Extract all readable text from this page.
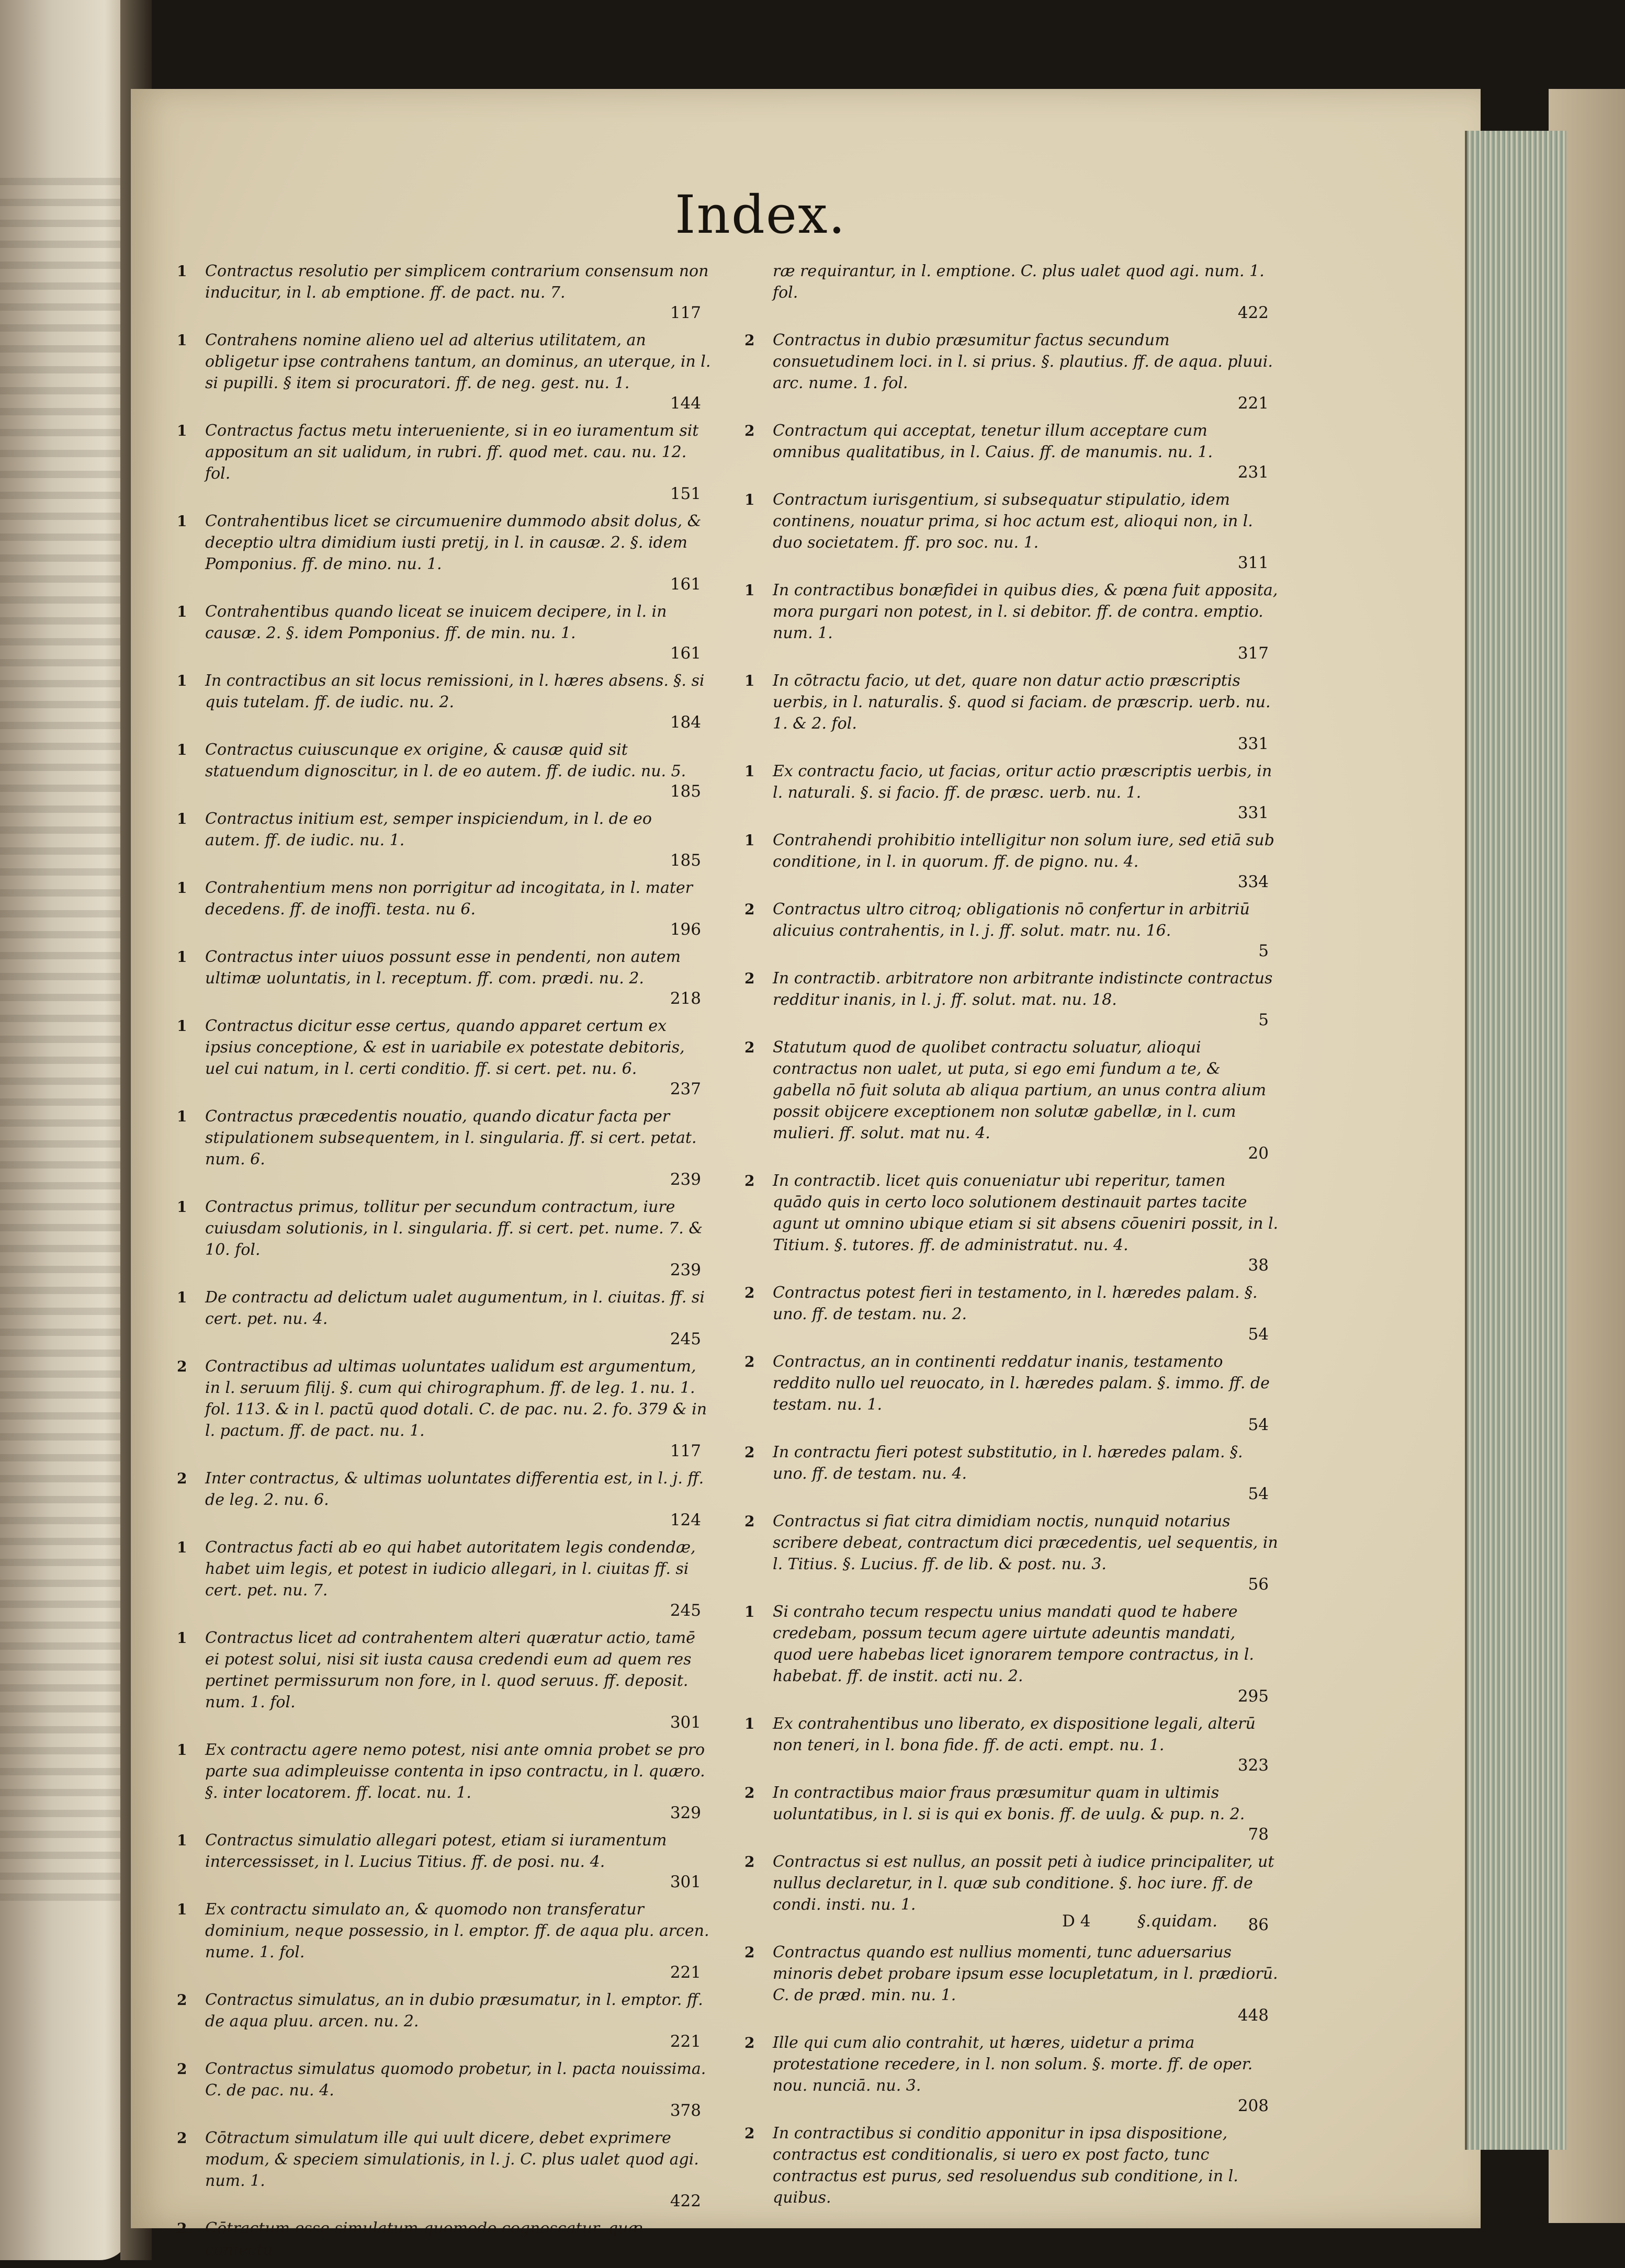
Index.
1	Contractus resolutio per simplicem contrarium consensum non inducitur, in l. ab emptione. ff. de pact. nu. 7.
117
1	Contrahens nomine alieno uel ad alterius utilitatem, an obligetur ipse contrahens tantum, an dominus, an uterque, in l. si pupilli. § item si procuratori. ff. de neg. gest. nu. 1.
144
1	Contractus factus metu interueniente, si in eo iuramentum sit appositum an sit ualidum, in rubri. ff. quod met. cau. nu. 12. fol.
151
1	Contrahentibus licet se circumuenire dummodo absit dolus, & deceptio ultra dimidium iusti pretij, in l. in causæ. 2. §. idem Pomponius. ff. de mino. nu. 1.
161
1	Contrahentibus quando liceat se inuicem decipere, in l. in causæ. 2. §. idem Pomponius. ff. de min. nu. 1.
161
1	In contractibus an sit locus remissioni, in l. hæres absens. §. si quis tutelam. ff. de iudic. nu. 2.
184
1	Contractus cuiuscunque ex origine, & causæ quid sit statuendum dignoscitur, in l. de eo autem. ff. de iudic. nu. 5.
185
1	Contractus initium est, semper inspiciendum, in l. de eo autem. ff. de iudic. nu. 1.
185
1	Contrahentium mens non porrigitur ad incogitata, in l. mater decedens. ff. de inoffi. testa. nu 6.
196
1	Contractus inter uiuos possunt esse in pendenti, non autem ultimæ uoluntatis, in l. receptum. ff. com. prædi. nu. 2.
218
1	Contractus dicitur esse certus, quando apparet certum ex ipsius conceptione, & est in uariabile ex potestate debitoris, uel cui natum, in l. certi conditio. ff. si cert. pet. nu. 6.
237
1	Contractus præcedentis nouatio, quando dicatur facta per stipulationem subsequentem, in l. singularia. ff. si cert. petat. num. 6.
239
1	Contractus primus, tollitur per secundum contractum, iure cuiusdam solutionis, in l. singularia. ff. si cert. pet. nume. 7. & 10. fol.
239
1	De contractu ad delictum ualet augumentum, in l. ciuitas. ff. si cert. pet. nu. 4.
245
2	Contractibus ad ultimas uoluntates ualidum est argumentum, in l. seruum filij. §. cum qui chirographum. ff. de leg. 1. nu. 1. fol. 113. & in l. pactū quod dotali. C. de pac. nu. 2. fo. 379 & in l. pactum. ff. de pact. nu. 1.
117
2	Inter contractus, & ultimas uoluntates differentia est, in l. j. ff. de leg. 2. nu. 6.
124
1	Contractus facti ab eo qui habet autoritatem legis condendæ, habet uim legis, et potest in iudicio allegari, in l. ciuitas ff. si cert. pet. nu. 7.
245
1	Contractus licet ad contrahentem alteri quæratur actio, tamē ei potest solui, nisi sit iusta causa credendi eum ad quem res pertinet permissurum non fore, in l. quod seruus. ff. deposit. num. 1. fol.
301
1	Ex contractu agere nemo potest, nisi ante omnia probet se pro parte sua adimpleuisse contenta in ipso contractu, in l. quæro. §. inter locatorem. ff. locat. nu. 1.
329
1	Contractus simulatio allegari potest, etiam si iuramentum intercessisset, in l. Lucius Titius. ff. de posi. nu. 4.
301
1	Ex contractu simulato an, & quomodo non transferatur dominium, neque possessio, in l. emptor. ff. de aqua plu. arcen. nume. 1. fol.
221
2	Contractus simulatus, an in dubio præsumatur, in l. emptor. ff. de aqua pluu. arcen. nu. 2.
221
2	Contractus simulatus quomodo probetur, in l. pacta nouissima. C. de pac. nu. 4.
378
2	Cōtractum simulatum ille qui uult dicere, debet exprimere modum, & speciem simulationis, in l. j. C. plus ualet quod agi. num. 1.
422
2	Cōtractum esse simulatum quomodo cognoscatur, quæ coniectu
ræ requirantur, in l. emptione. C. plus ualet quod agi. num. 1. fol.
422
2	Contractus in dubio præsumitur factus secundum consuetudinem loci. in l. si prius. §. plautius. ff. de aqua. pluui. arc. nume. 1. fol.
221
2	Contractum qui acceptat, tenetur illum acceptare cum omnibus qualitatibus, in l. Caius. ff. de manumis. nu. 1.
231
1	Contractum iurisgentium, si subsequatur stipulatio, idem continens, nouatur prima, si hoc actum est, alioqui non, in l. duo societatem. ff. pro soc. nu. 1.
311
1	In contractibus bonæfidei in quibus dies, & pœna fuit apposita, mora purgari non potest, in l. si debitor. ff. de contra. emptio. num. 1.
317
1	In cōtractu facio, ut det, quare non datur actio præscriptis uerbis, in l. naturalis. §. quod si faciam. de præscrip. uerb. nu. 1. & 2. fol.
331
1	Ex contractu facio, ut facias, oritur actio præscriptis uerbis, in l. naturali. §. si facio. ff. de præsc. uerb. nu. 1.
331
1	Contrahendi prohibitio intelligitur non solum iure, sed etiā sub conditione, in l. in quorum. ff. de pigno. nu. 4.
334
2	Contractus ultro citroq; obligationis nō confertur in arbitriū alicuius contrahentis, in l. j. ff. solut. matr. nu. 16.
5
2	In contractib. arbitratore non arbitrante indistincte contractus redditur inanis, in l. j. ff. solut. mat. nu. 18.
5
2	Statutum quod de quolibet contractu soluatur, alioqui contractus non ualet, ut puta, si ego emi fundum a te, & gabella nō fuit soluta ab aliqua partium, an unus contra alium possit obijcere exceptionem non solutæ gabellæ, in l. cum mulieri. ff. solut. mat nu. 4.
20
2	In contractib. licet quis conueniatur ubi reperitur, tamen quādo quis in certo loco solutionem destinauit partes tacite agunt ut omnino ubique etiam si sit absens cōueniri possit, in l. Titium. §. tutores. ff. de administratut. nu. 4.
38
2	Contractus potest fieri in testamento, in l. hæredes palam. §. uno. ff. de testam. nu. 2.
54
2	Contractus, an in continenti reddatur inanis, testamento reddito nullo uel reuocato, in l. hæredes palam. §. immo. ff. de testam. nu. 1.
54
2	In contractu fieri potest substitutio, in l. hæredes palam. §. uno. ff. de testam. nu. 4.
54
2	Contractus si fiat citra dimidiam noctis, nunquid notarius scribere debeat, contractum dici præcedentis, uel sequentis, in l. Titius. §. Lucius. ff. de lib. & post. nu. 3.
56
1	Si contraho tecum respectu unius mandati quod te habere credebam, possum tecum agere uirtute adeuntis mandati, quod uere habebas licet ignorarem tempore contractus, in l. habebat. ff. de instit. acti nu. 2.
295
1	Ex contrahentibus uno liberato, ex dispositione legali, alterū non teneri, in l. bona fide. ff. de acti. empt. nu. 1.
323
2	In contractibus maior fraus præsumitur quam in ultimis uoluntatibus, in l. si is qui ex bonis. ff. de uulg. & pup. n. 2.
78
2	Contractus si est nullus, an possit peti à iudice principaliter, ut nullus declaretur, in l. quæ sub conditione. §. hoc iure. ff. de condi. insti. nu. 1.
86
2	Contractus quando est nullius momenti, tunc aduersarius minoris debet probare ipsum esse locupletatum, in l. prædiorū. C. de præd. min. nu. 1.
448
2	Ille qui cum alio contrahit, ut hæres, uidetur a prima protestatione recedere, in l. non solum. §. morte. ff. de oper. nou. nunciā. nu. 3.
208
2	In contractibus si conditio apponitur in ipsa dispositione, contractus est conditionalis, si uero ex post facto, tunc contractus est purus, sed resoluendus sub conditione, in l. quibus.
D 4	§.quidam.
